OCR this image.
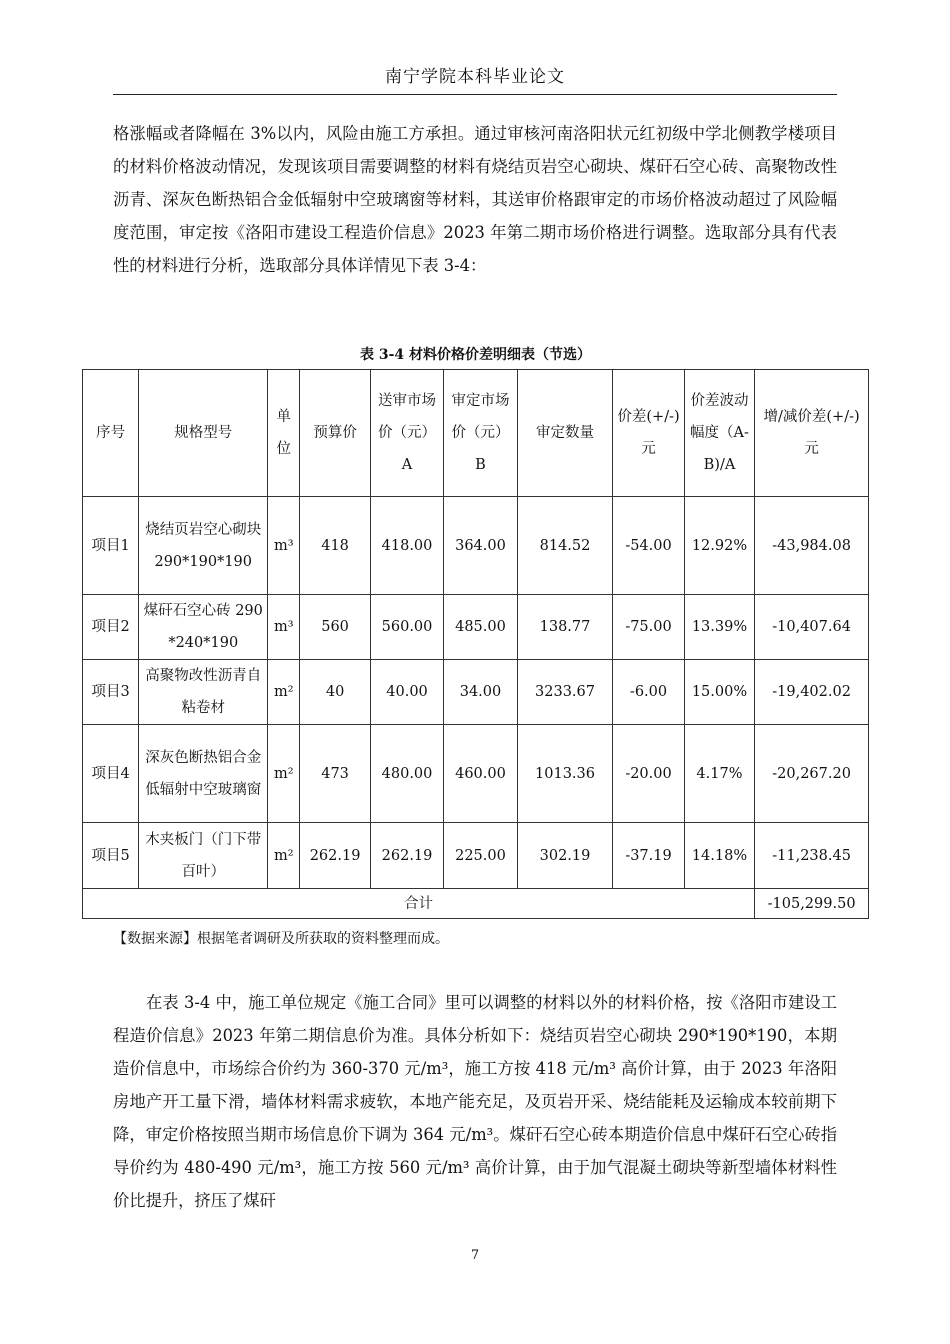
南宁学院本科毕业论文

格涨幅或者降幅在 3%以内，风险由施工方承担。通过审核河南洛阳状元红初级中学北侧教学楼项目的材料价格波动情况，发现该项目需要调整的材料有烧结页岩空心砌块、煤矸石空心砖、高聚物改性沥青、深灰色断热铝合金低辐射中空玻璃窗等材料，其送审价格跟审定的市场价格波动超过了风险幅度范围，审定按《洛阳市建设工程造价信息》2023 年第二期市场价格进行调整。选取部分具有代表性的材料进行分析，选取部分具体详情见下表 3-4：

表 3-4 材料价格价差明细表（节选）
序号	规格型号	单位	预算价	送审市场价（元）A	审定市场价（元）B	审定数量	价差(+/-)元	价差波动幅度（A-B)/A	增/减价差(+/-)元
项目1	烧结页岩空心砌块 290*190*190	m³	418	418.00	364.00	814.52	-54.00	12.92%	-43,984.08
项目2	煤矸石空心砖 290*240*190	m³	560	560.00	485.00	138.77	-75.00	13.39%	-10,407.64
项目3	高聚物改性沥青自粘卷材	m²	40	40.00	34.00	3233.67	-6.00	15.00%	-19,402.02
项目4	深灰色断热铝合金低辐射中空玻璃窗	m²	473	480.00	460.00	1013.36	-20.00	4.17%	-20,267.20
项目5	木夹板门（门下带百叶）	m²	262.19	262.19	225.00	302.19	-37.19	14.18%	-11,238.45
合计									-105,299.50
【数据来源】根据笔者调研及所获取的资料整理而成。

在表 3-4 中，施工单位规定《施工合同》里可以调整的材料以外的材料价格，按《洛阳市建设工程造价信息》2023 年第二期信息价为准。具体分析如下：烧结页岩空心砌块 290*190*190，本期造价信息中，市场综合价约为 360-370 元/m³，施工方按 418 元/m³ 高价计算，由于 2023 年洛阳房地产开工量下滑，墙体材料需求疲软，本地产能充足，及页岩开采、烧结能耗及运输成本较前期下降，审定价格按照当期市场信息价下调为 364 元/m³。煤矸石空心砖本期造价信息中煤矸石空心砖指导价约为 480-490 元/m³，施工方按 560 元/m³ 高价计算，由于加气混凝土砌块等新型墙体材料性价比提升，挤压了煤矸

7
